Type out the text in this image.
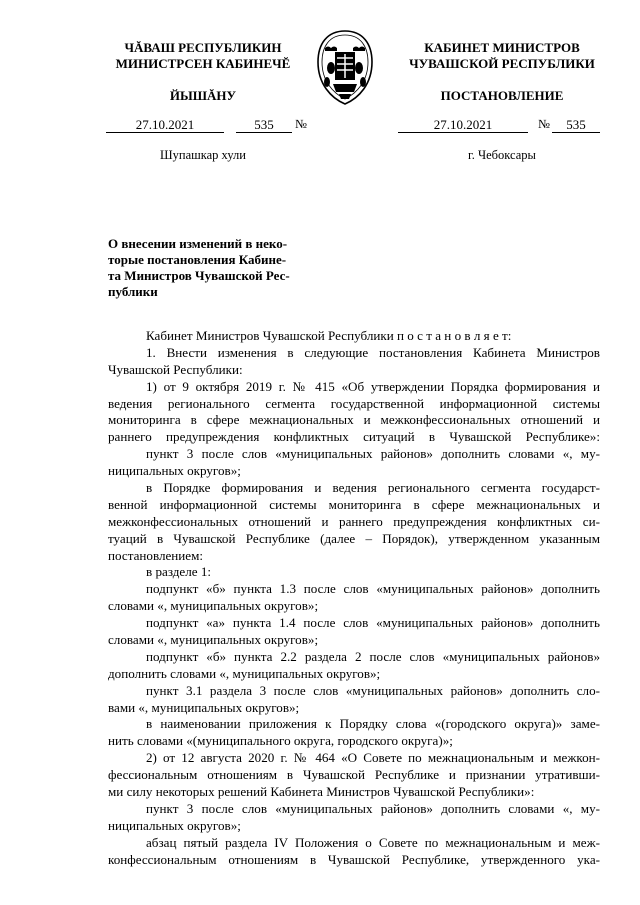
ЧĂВАШ РЕСПУБЛИКИН
МИНИСТРСЕН КАБИНЕЧĔ
ЙЫШĂНУ
27.10.2021	535	№
Шупашкар хули
КАБИНЕТ МИНИСТРОВ
ЧУВАШСКОЙ РЕСПУБЛИКИ
ПОСТАНОВЛЕНИЕ
27.10.2021	№	535
г. Чебоксары
О внесении изменений в неко-
торые постановления Кабине-
та Министров Чувашской Рес-
публики
Кабинет Министров Чувашской Республики п о с т а н о в л я е т:
1. Внести изменения в следующие постановления Кабинета Министров
Чувашской Республики:
1) от 9 октября 2019 г. № 415 «Об утверждении Порядка формирования и
ведения регионального сегмента государственной информационной системы
мониторинга в сфере межнациональных и межконфессиональных отношений и
раннего предупреждения конфликтных ситуаций в Чувашской Республике»:
пункт 3 после слов «муниципальных районов» дополнить словами «, му-
ниципальных округов»;
в Порядке формирования и ведения регионального сегмента государст-
венной информационной системы мониторинга в сфере межнациональных и
межконфессиональных отношений и раннего предупреждения конфликтных си-
туаций в Чувашской Республике (далее – Порядок), утвержденном указанным
постановлением:
в разделе 1:
подпункт «б» пункта 1.3 после слов «муниципальных районов» дополнить
словами «, муниципальных округов»;
подпункт «а» пункта 1.4 после слов «муниципальных районов» дополнить
словами «, муниципальных округов»;
подпункт «б» пункта 2.2 раздела 2 после слов «муниципальных районов»
дополнить словами «, муниципальных округов»;
пункт 3.1 раздела 3 после слов «муниципальных районов» дополнить сло-
вами «, муниципальных округов»;
в наименовании приложения к Порядку слова «(городского округа)» заме-
нить словами «(муниципального округа, городского округа)»;
2) от 12 августа 2020 г. № 464 «О Совете по межнациональным и межкон-
фессиональным отношениям в Чувашской Республике и признании утративши-
ми силу некоторых решений Кабинета Министров Чувашской Республики»:
пункт 3 после слов «муниципальных районов» дополнить словами «, му-
ниципальных округов»;
абзац пятый раздела IV Положения о Совете по межнациональным и меж-
конфессиональным отношениям в Чувашской Республике, утвержденного ука-
